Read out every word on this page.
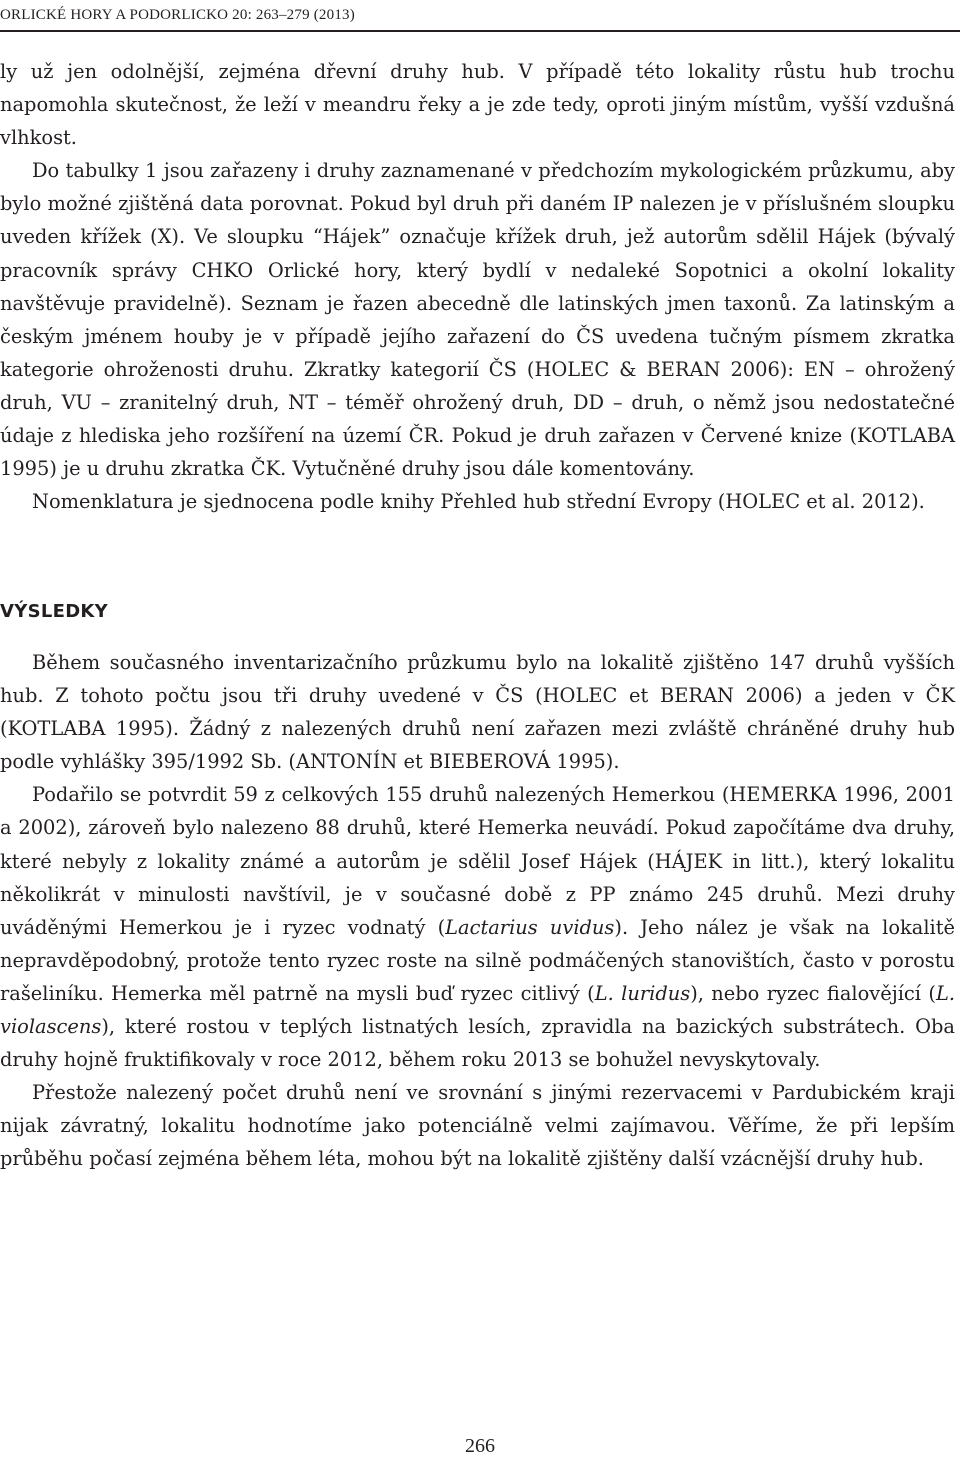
ORLICKÉ HORY A PODORLICKO 20: 263–279 (2013)

ly už jen odolnější, zejména dřevní druhy hub. V případě této lokality růstu hub trochu napomohla skutečnost, že leží v meandru řeky a je zde tedy, oproti jiným místům, vyšší vzdušná vlhkost.

Do tabulky 1 jsou zařazeny i druhy zaznamenané v předchozím mykologickém průzkumu, aby bylo možné zjištěná data porovnat. Pokud byl druh při daném IP nalezen je v příslušném sloupku uveden křížek (X). Ve sloupku “Hájek” označuje křížek druh, jež autorům sdělil Hájek (bývalý pracovník správy CHKO Orlické hory, který bydlí v nedaleké Sopotnici a okolní lokality navštěvuje pravidelně). Seznam je řazen abecedně dle latinských jmen taxonů. Za latinským a českým jménem houby je v případě jejího zařazení do ČS uvedena tučným písmem zkratka kategorie ohroženosti druhu. Zkratky kategorií ČS (HOLEC & BERAN 2006): EN – ohrožený druh, VU – zranitelný druh, NT – téměř ohrožený druh, DD – druh, o němž jsou nedostatečné údaje z hlediska jeho rozšíření na území ČR. Pokud je druh zařazen v Červené knize (KOTLABA 1995) je u druhu zkratka ČK. Vytučněné druhy jsou dále komentovány.

Nomenklatura je sjednocena podle knihy Přehled hub střední Evropy (HOLEC et al. 2012).

VÝSLEDKY

Během současného inventarizačního průzkumu bylo na lokalitě zjištěno 147 druhů vyšších hub. Z tohoto počtu jsou tři druhy uvedené v ČS (HOLEC et BERAN 2006) a jeden v ČK (KOTLABA 1995). Žádný z nalezených druhů není zařazen mezi zvláště chráněné druhy hub podle vyhlášky 395/1992 Sb. (ANTONÍN et BIEBEROVÁ 1995).

Podařilo se potvrdit 59 z celkových 155 druhů nalezených Hemerkou (HEMERKA 1996, 2001 a 2002), zároveň bylo nalezeno 88 druhů, které Hemerka neuvádí. Pokud započítáme dva druhy, které nebyly z lokality známé a autorům je sdělil Josef Hájek (HÁJEK in litt.), který lokalitu několikrát v minulosti navštívil, je v současné době z PP známo 245 druhů. Mezi druhy uváděnými Hemerkou je i ryzec vodnatý (Lactarius uvidus). Jeho nález je však na lokalitě nepravděpodobný, protože tento ryzec roste na silně podmáčených stanovištích, často v porostu rašeliníku. Hemerka měl patrně na mysli buď ryzec citlivý (L. luridus), nebo ryzec fialovějící (L. violascens), které rostou v teplých listnatých lesích, zpravidla na bazických substrátech. Oba druhy hojně fruktifikovaly v roce 2012, během roku 2013 se bohužel nevyskytovaly.

Přestože nalezený počet druhů není ve srovnání s jinými rezervacemi v Pardubickém kraji nijak závratný, lokalitu hodnotíme jako potenciálně velmi zajímavou. Věříme, že při lepším průběhu počasí zejména během léta, mohou být na lokalitě zjištěny další vzácnější druhy hub.

266
